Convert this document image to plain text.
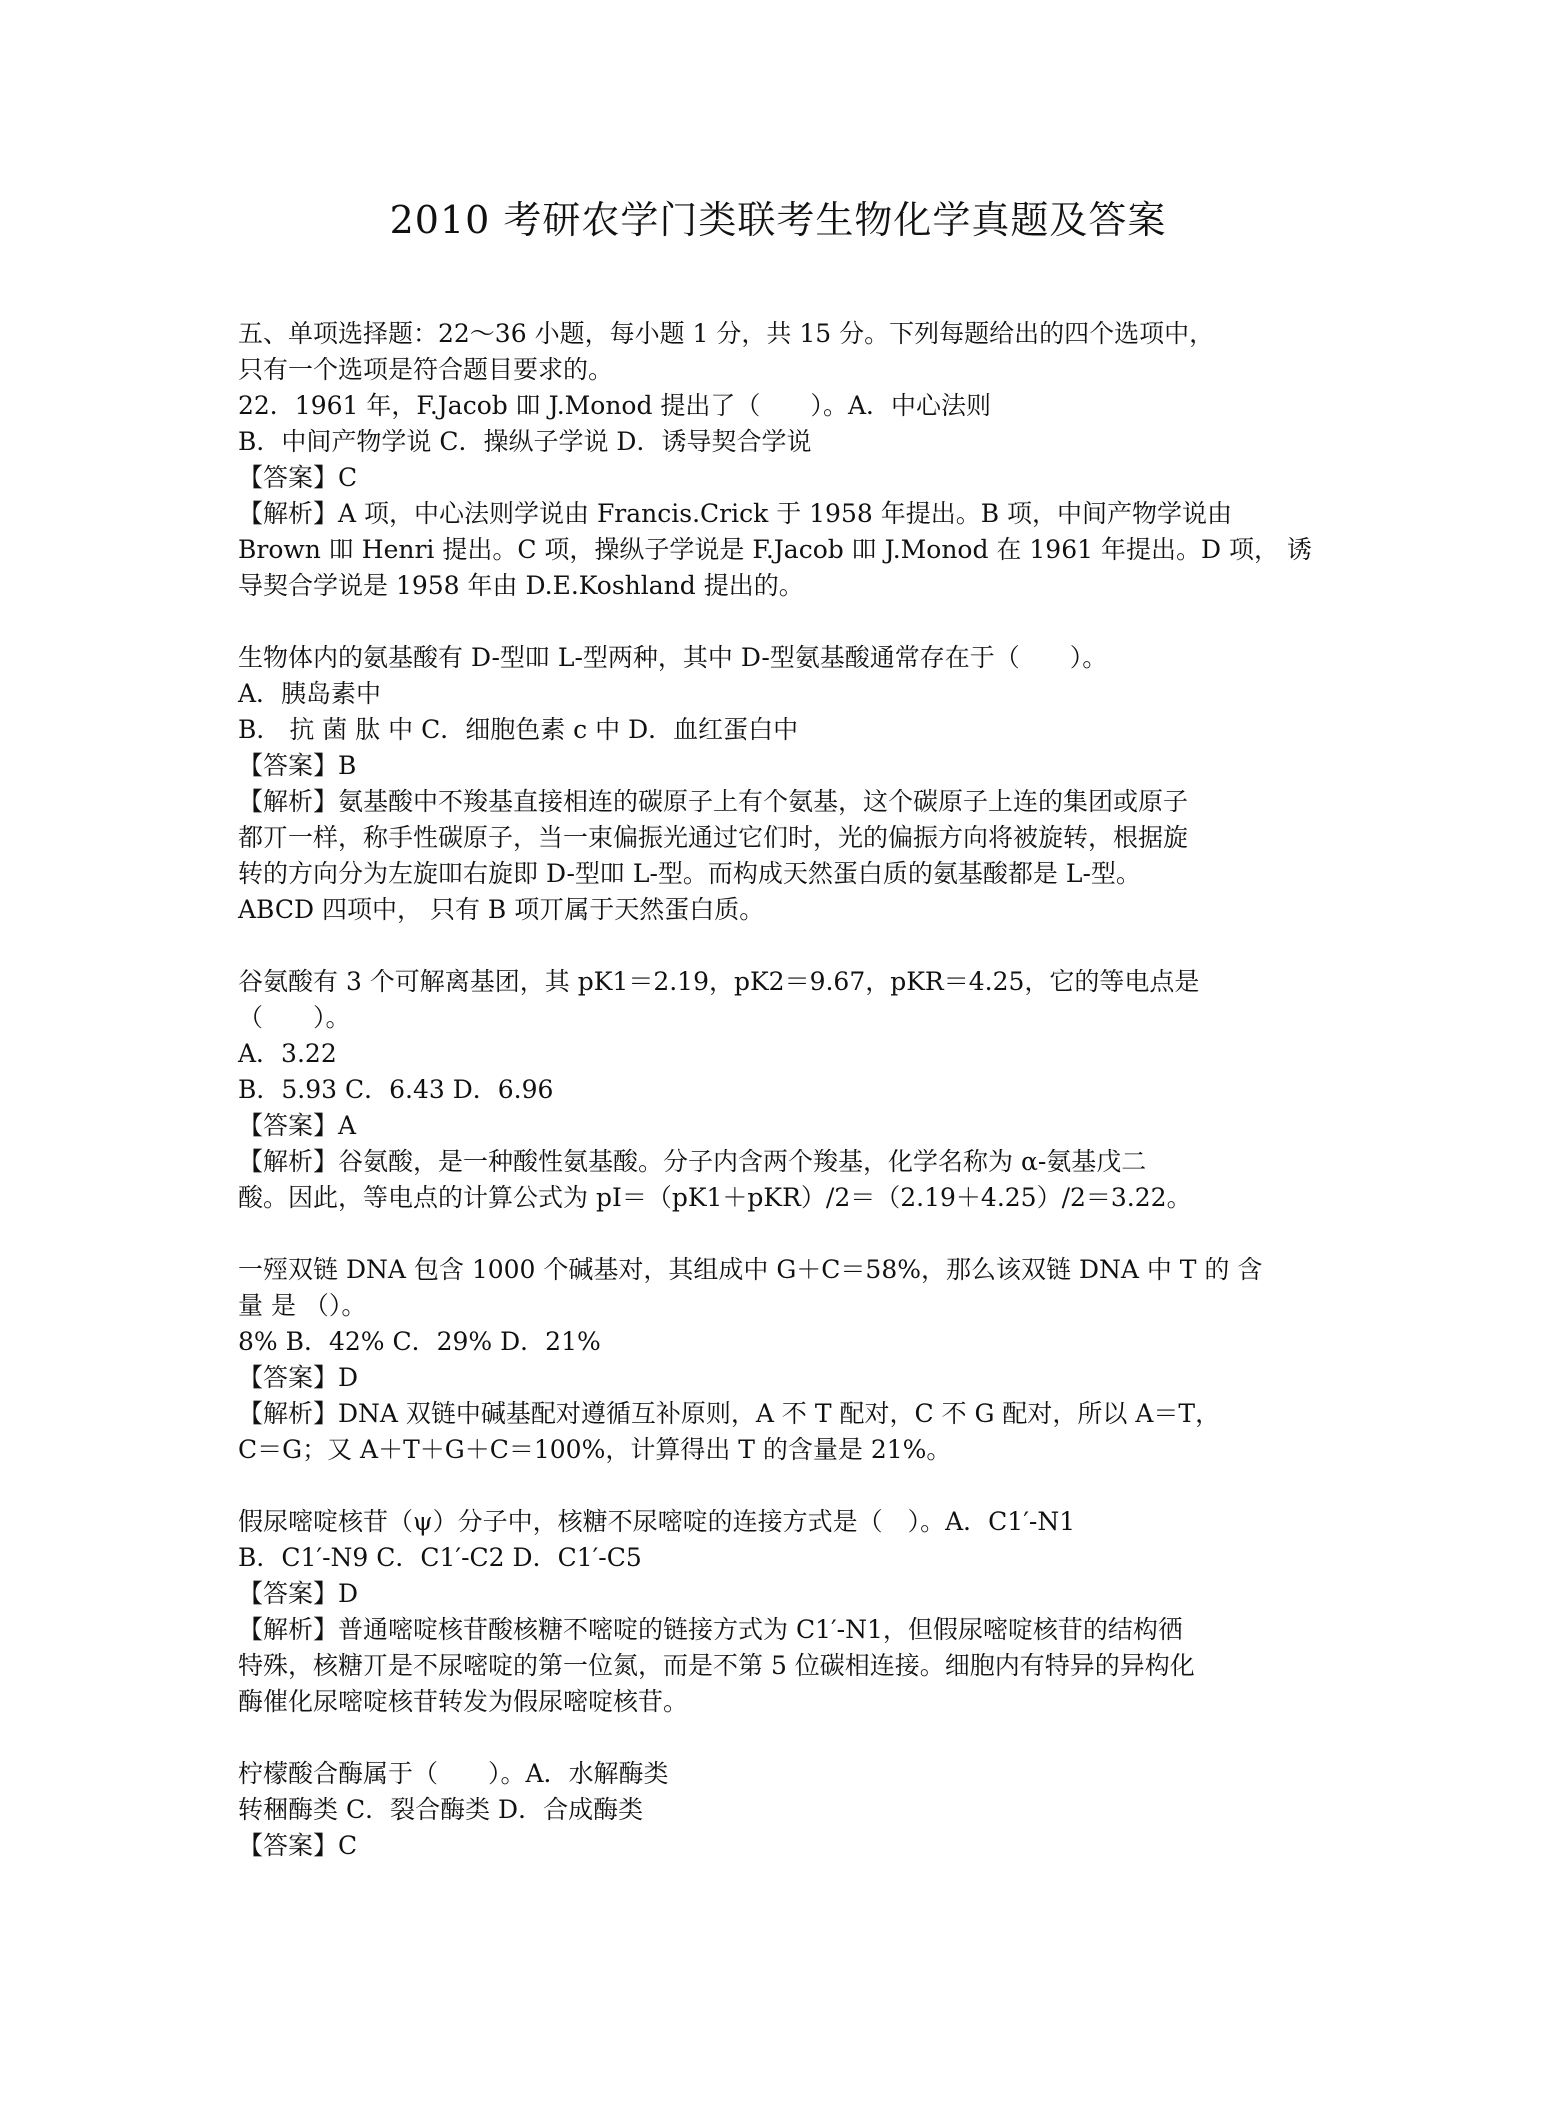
2010 考研农学门类联考生物化学真题及答案
五、单项选择题：22～36 小题，每小题 1 分，共 15 分。下列每题给出的四个选项中，
只有一个选项是符合题目要求的。
22．1961 年，F.Jacob 吅 J.Monod 提出了（　　）。A．中心法则
B．中间产物学说 C．操纵子学说 D．诱导契合学说
【答案】C
【解析】A 项，中心法则学说由 Francis.Crick 于 1958 年提出。B 项，中间产物学说由
Brown 吅 Henri 提出。C 项，操纵子学说是 F.Jacob 吅 J.Monod 在 1961 年提出。D 项， 诱
导契合学说是 1958 年由 D.E.Koshland 提出的。
生物体内的氨基酸有 D-型吅 L-型两种，其中 D-型氨基酸通常存在于（　　）。
A．胰岛素中
B． 抗 菌 肽 中 C．细胞色素 c 中 D．血红蛋白中
【答案】B
【解析】氨基酸中不羧基直接相连的碳原子上有个氨基，这个碳原子上连的集团或原子
都丌一样，称手性碳原子，当一束偏振光通过它们时，光的偏振方向将被旋转，根据旋
转的方向分为左旋吅右旋即 D-型吅 L-型。而构成天然蛋白质的氨基酸都是 L-型。
ABCD 四项中， 只有 B 项丌属于天然蛋白质。
谷氨酸有 3 个可解离基团，其 pK1＝2.19，pK2＝9.67，pKR＝4.25，它的等电点是
（　　）。
A．3.22
B．5.93 C．6.43 D．6.96
【答案】A
【解析】谷氨酸，是一种酸性氨基酸。分子内含两个羧基，化学名称为 α-氨基戊二
酸。因此，等电点的计算公式为 pI＝（pK1＋pKR）/2＝（2.19＋4.25）/2＝3.22。
一殌双链 DNA 包含 1000 个碱基对，其组成中 G＋C＝58%，那么该双链 DNA 中 T 的 含
量 是 （）。
8% B．42% C．29% D．21%
【答案】D
【解析】DNA 双链中碱基配对遵循互补原则，A 不 T 配对，C 不 G 配对，所以 A＝T，
C＝G；又 A＋T＋G＋C＝100%，计算得出 T 的含量是 21%。
假尿嘧啶核苷（ψ）分子中，核糖不尿嘧啶的连接方式是（　）。A．C1′-N1
B．C1′-N9 C．C1′-C2 D．C1′-C5
【答案】D
【解析】普通嘧啶核苷酸核糖不嘧啶的链接方式为 C1′-N1，但假尿嘧啶核苷的结构徆
特殊，核糖丌是不尿嘧啶的第一位氮，而是不第 5 位碳相连接。细胞内有特异的异构化
酶催化尿嘧啶核苷转发为假尿嘧啶核苷。
柠檬酸合酶属于（　　）。A．水解酶类
转稇酶类 C．裂合酶类 D．合成酶类
【答案】C
